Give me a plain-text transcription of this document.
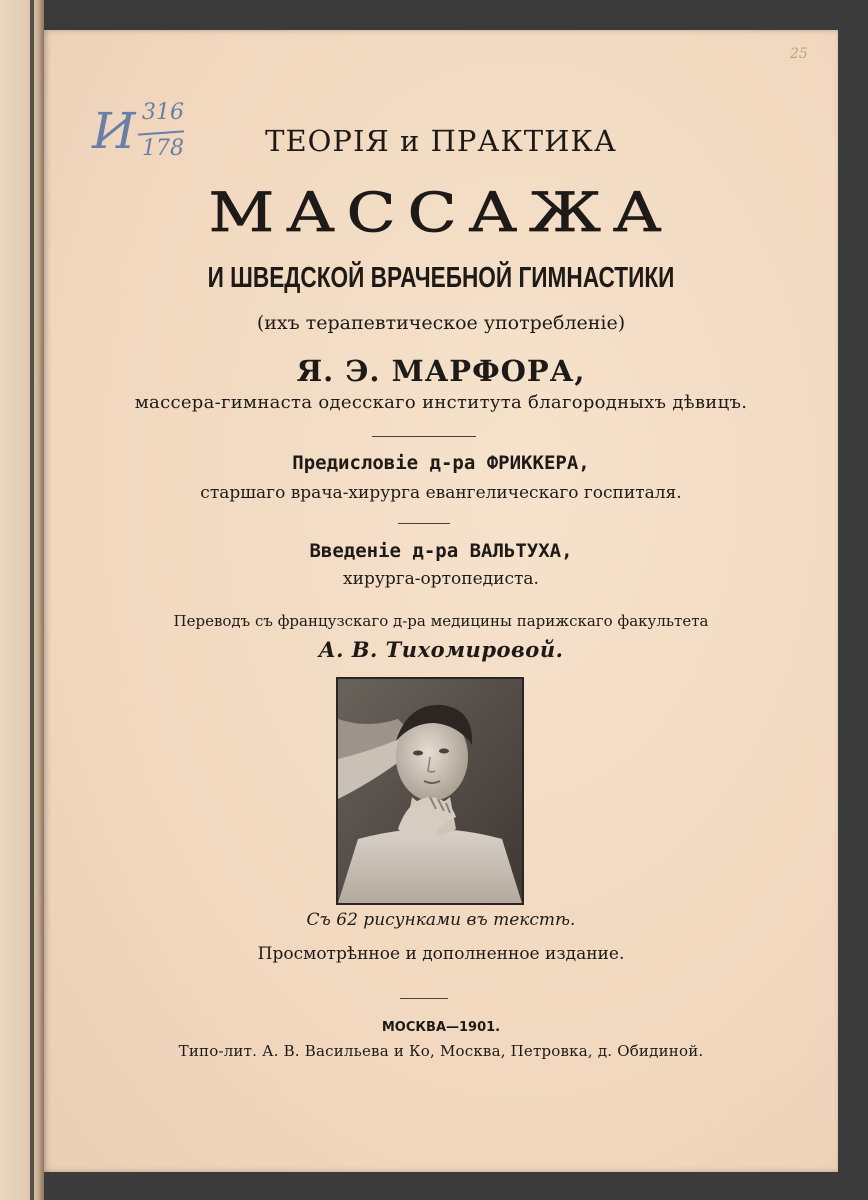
25
И 316
178	ТЕОРІЯ и ПРАКТИКА
МАССАЖА
И ШВЕДСКОЙ ВРАЧЕБНОЙ ГИМНАСТИКИ
(ихъ терапевтическое употребленіе)
Я. Э. МАРФОРА,
массера-гимнаста одесскаго института благородныхъ дѣвицъ.
Предисловіе д-ра ФРИККЕРА,
старшаго врача-хирурга евангелическаго госпиталя.
Введеніе д-ра ВАЛЬТУХА,
хирурга-ортопедиста.
Переводъ съ французскаго д-ра медицины парижскаго факультета
А. В. Тихомировой.
Съ 62 рисунками въ текстѣ.
Просмотрѣнное и дополненное издание.
МОСКВА—1901.
Типо-лит. А. В. Васильева и Ко, Москва, Петровка, д. Обидиной.
